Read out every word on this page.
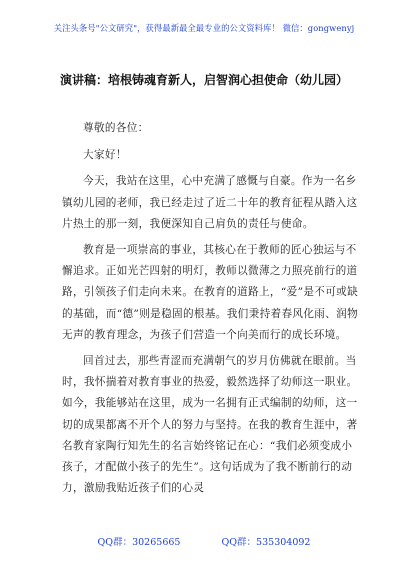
关注头条号"公文研究"，获得最新最全最专业的公文资料库！ 微信：gongwenyj
演讲稿：培根铸魂育新人，启智润心担使命（幼儿园）

尊敬的各位：

大家好！

今天，我站在这里，心中充满了感慨与自豪。作为一名乡镇幼儿园的老师，我已经走过了近二十年的教育征程从踏入这片热土的那一刻，我便深知自己肩负的责任与使命。

教育是一项崇高的事业，其核心在于教师的匠心独运与不懈追求。正如光芒四射的明灯，教师以微薄之力照亮前行的道路，引领孩子们走向未来。在教育的道路上，“爱”是不可或缺的基础，而“德”则是稳固的根基。我们秉持着春风化雨、润物无声的教育理念，为孩子们营造一个向美而行的成长环境。

回首过去，那些青涩而充满朝气的岁月仿佛就在眼前。当时，我怀揣着对教育事业的热爱，毅然选择了幼师这一职业。如今，我能够站在这里，成为一名拥有正式编制的幼师，这一切的成果都离不开个人的努力与坚持。在我的教育生涯中，著名教育家陶行知先生的名言始终铭记在心：“我们必须变成小孩子，才配做小孩子的先生”。这句话成为了我不断前行的动力，激励我贴近孩子们的心灵

QQ群：30265665	QQ群：535304092
